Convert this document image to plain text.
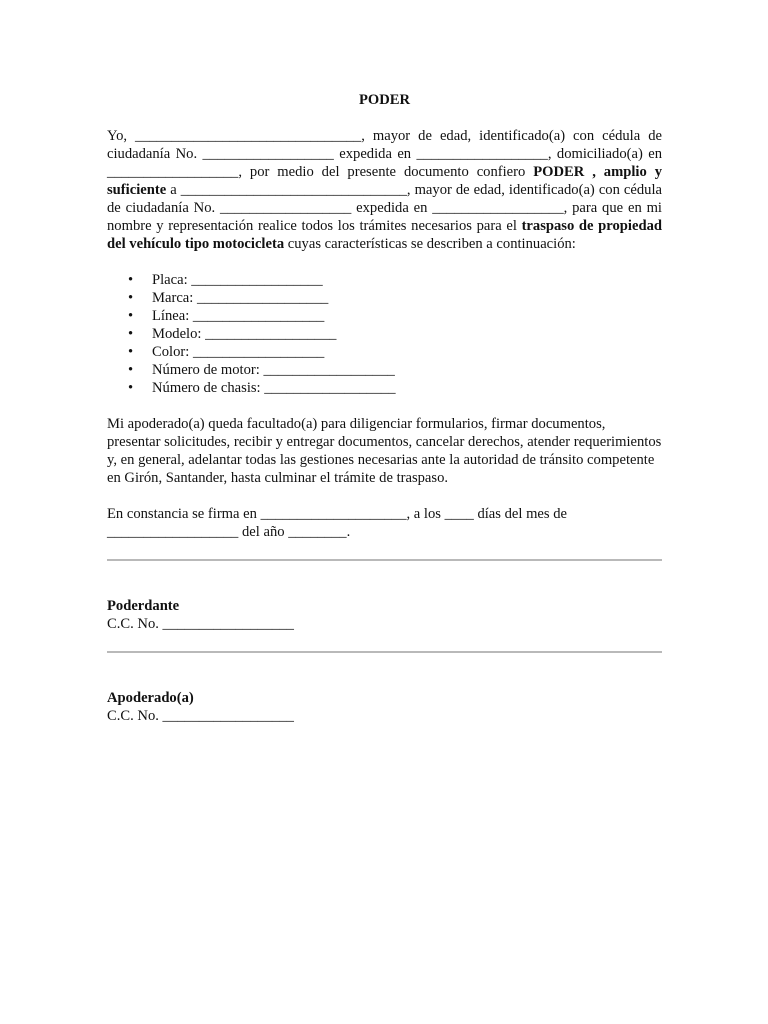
PODER

Yo, _______________________________, mayor de edad, identificado(a) con cédula de ciudadanía No. __________________ expedida en __________________, domiciliado(a) en __________________, por medio del presente documento confiero PODER , amplio y suficiente a _______________________________, mayor de edad, identificado(a) con cédula de ciudadanía No. __________________ expedida en __________________, para que en mi nombre y representación realice todos los trámites necesarios para el traspaso de propiedad del vehículo tipo motocicleta cuyas características se describen a continuación:

• Placa: __________________
• Marca: __________________
• Línea: __________________
• Modelo: __________________
• Color: __________________
• Número de motor: __________________
• Número de chasis: __________________

Mi apoderado(a) queda facultado(a) para diligenciar formularios, firmar documentos, presentar solicitudes, recibir y entregar documentos, cancelar derechos, atender requerimientos y, en general, adelantar todas las gestiones necesarias ante la autoridad de tránsito competente en Girón, Santander, hasta culminar el trámite de traspaso.

En constancia se firma en ____________________, a los ____ días del mes de
__________________ del año ________.

Poderdante
C.C. No. __________________
Apoderado(a)
C.C. No. __________________
